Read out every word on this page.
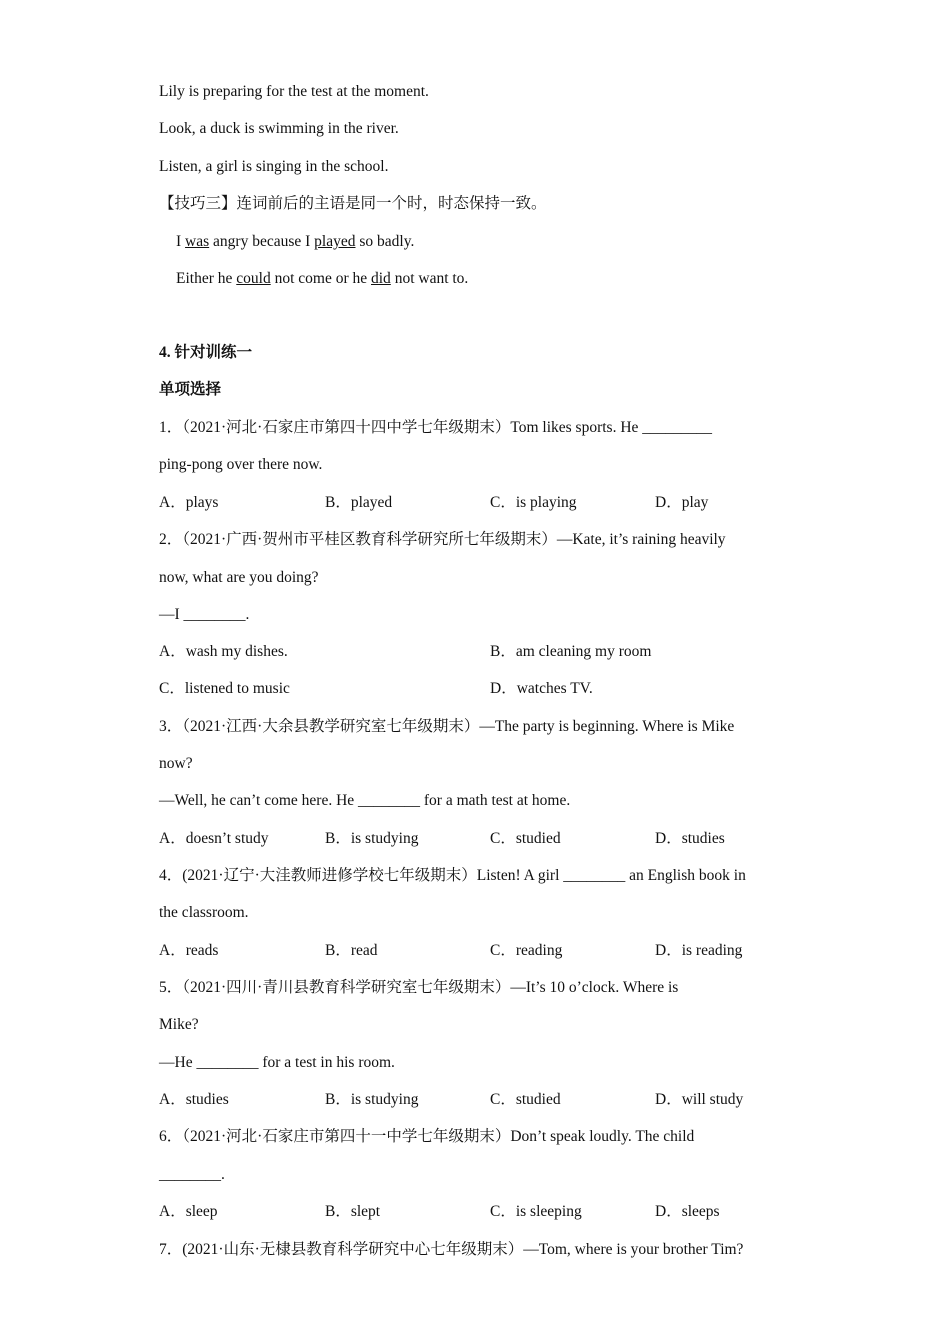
Lily is preparing for the test at the moment.
Look, a duck is swimming in the river.
Listen, a girl is singing in the school.
【技巧三】连词前后的主语是同一个时，时态保持一致。
I was angry because I played so badly.
Either he could not come or he did not want to.
4. 针对训练一
单项选择
1．（2021·河北·石家庄市第四十四中学七年级期末）Tom likes sports. He _________
ping-pong over there now.
A．plays	B．played	C．is playing	D．play
2．（2021·广西·贺州市平桂区教育科学研究所七年级期末）—Kate, it’s raining heavily
now, what are you doing?
—I ________.
A．wash my dishes.	B．am cleaning my room
C．listened to music	D．watches TV.
3．（2021·江西·大余县教学研究室七年级期末）—The party is beginning. Where is Mike
now?
—Well, he can’t come here. He ________ for a math test at home.
A．doesn’t study	B．is studying	C．studied	D．studies
4．(2021·辽宁·大洼教师进修学校七年级期末）Listen! A girl ________ an English book in
the classroom.
A．reads	B．read	C．reading	D．is reading
5．（2021·四川·青川县教育科学研究室七年级期末）—It’s 10 o’clock. Where is
Mike?
—He ________ for a test in his room.
A．studies	B．is studying	C．studied	D．will study
6．（2021·河北·石家庄市第四十一中学七年级期末）Don’t speak loudly. The child
________.
A．sleep	B．slept	C．is sleeping	D．sleeps
7．(2021·山东·无棣县教育科学研究中心七年级期末）—Tom, where is your brother Tim?
